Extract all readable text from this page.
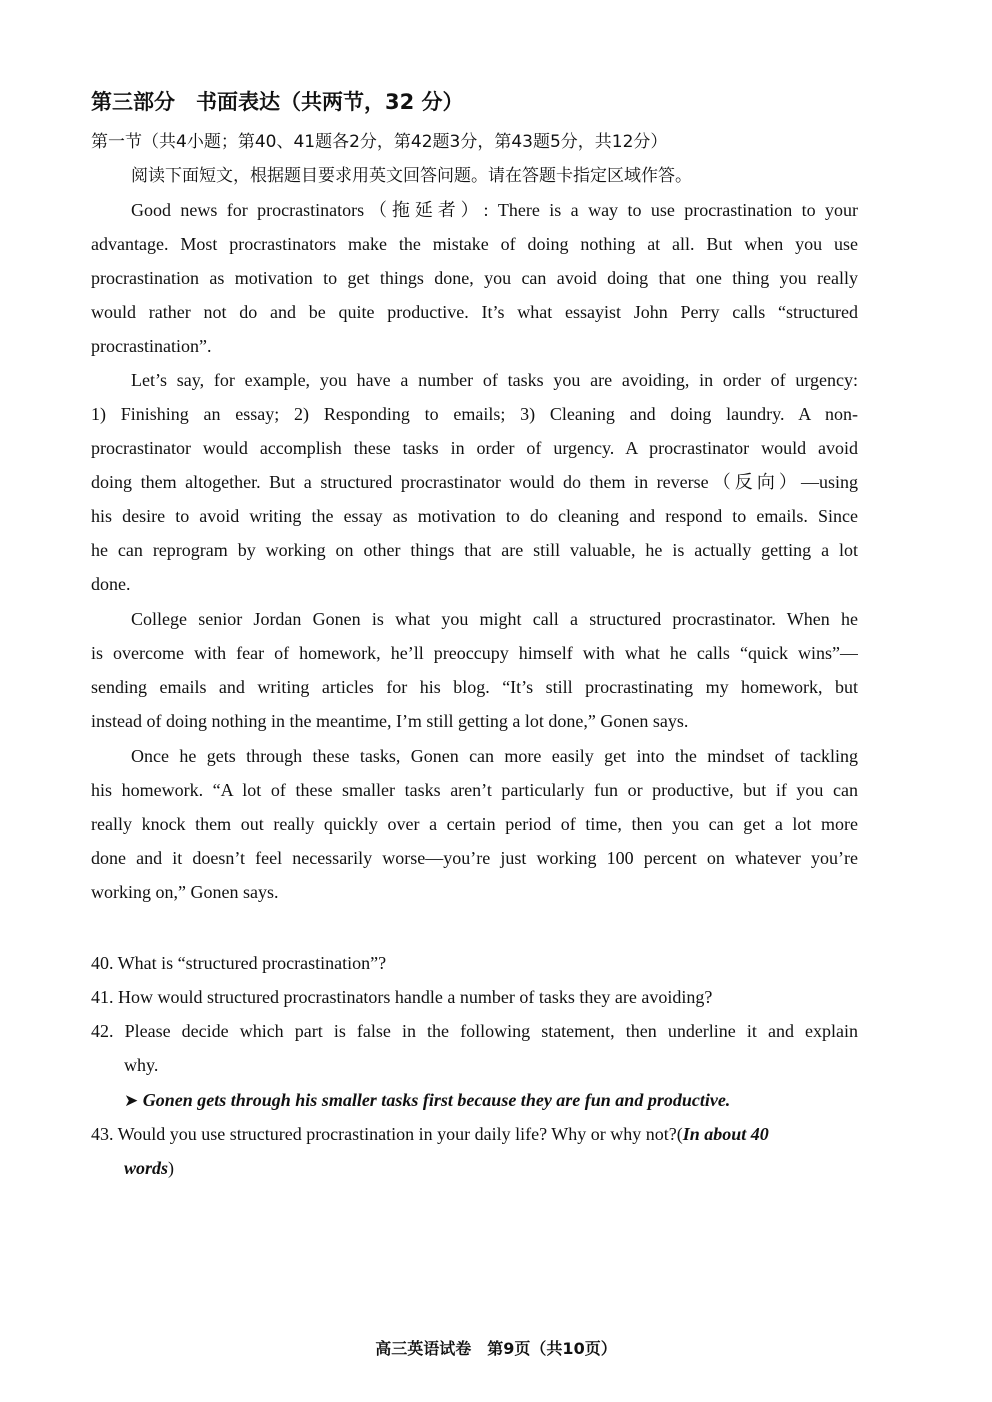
第三部分　书面表达（共两节，32 分）
第一节（共4小题；第40、41题各2分，第42题3分，第43题5分，共12分）
阅读下面短文，根据题目要求用英文回答问题。请在答题卡指定区域作答。
Good news for procrastinators（拖延者）: There is a way to use procrastination to your
advantage. Most procrastinators make the mistake of doing nothing at all. But when you use
procrastination as motivation to get things done, you can avoid doing that one thing you really
would rather not do and be quite productive. It’s what essayist John Perry calls “structured
procrastination”.
Let’s say, for example, you have a number of tasks you are avoiding, in order of urgency:
1) Finishing an essay; 2) Responding to emails; 3) Cleaning and doing laundry. A non-
procrastinator would accomplish these tasks in order of urgency. A procrastinator would avoid
doing them altogether. But a structured procrastinator would do them in reverse（反向）—using
his desire to avoid writing the essay as motivation to do cleaning and respond to emails. Since
he can reprogram by working on other things that are still valuable, he is actually getting a lot
done.
College senior Jordan Gonen is what you might call a structured procrastinator. When he
is overcome with fear of homework, he’ll preoccupy himself with what he calls “quick wins”—
sending emails and writing articles for his blog. “It’s still procrastinating my homework, but
instead of doing nothing in the meantime, I’m still getting a lot done,” Gonen says.
Once he gets through these tasks, Gonen can more easily get into the mindset of tackling
his homework. “A lot of these smaller tasks aren’t particularly fun or productive, but if you can
really knock them out really quickly over a certain period of time, then you can get a lot more
done and it doesn’t feel necessarily worse—you’re just working 100 percent on whatever you’re
working on,” Gonen says.
40. What is “structured procrastination”?
41. How would structured procrastinators handle a number of tasks they are avoiding?
42. Please decide which part is false in the following statement, then underline it and explain
why.
➤ Gonen gets through his smaller tasks first because they are fun and productive.
43. Would you use structured procrastination in your daily life? Why or why not?(In about 40
words)
高三英语试卷　第9页（共10页）
